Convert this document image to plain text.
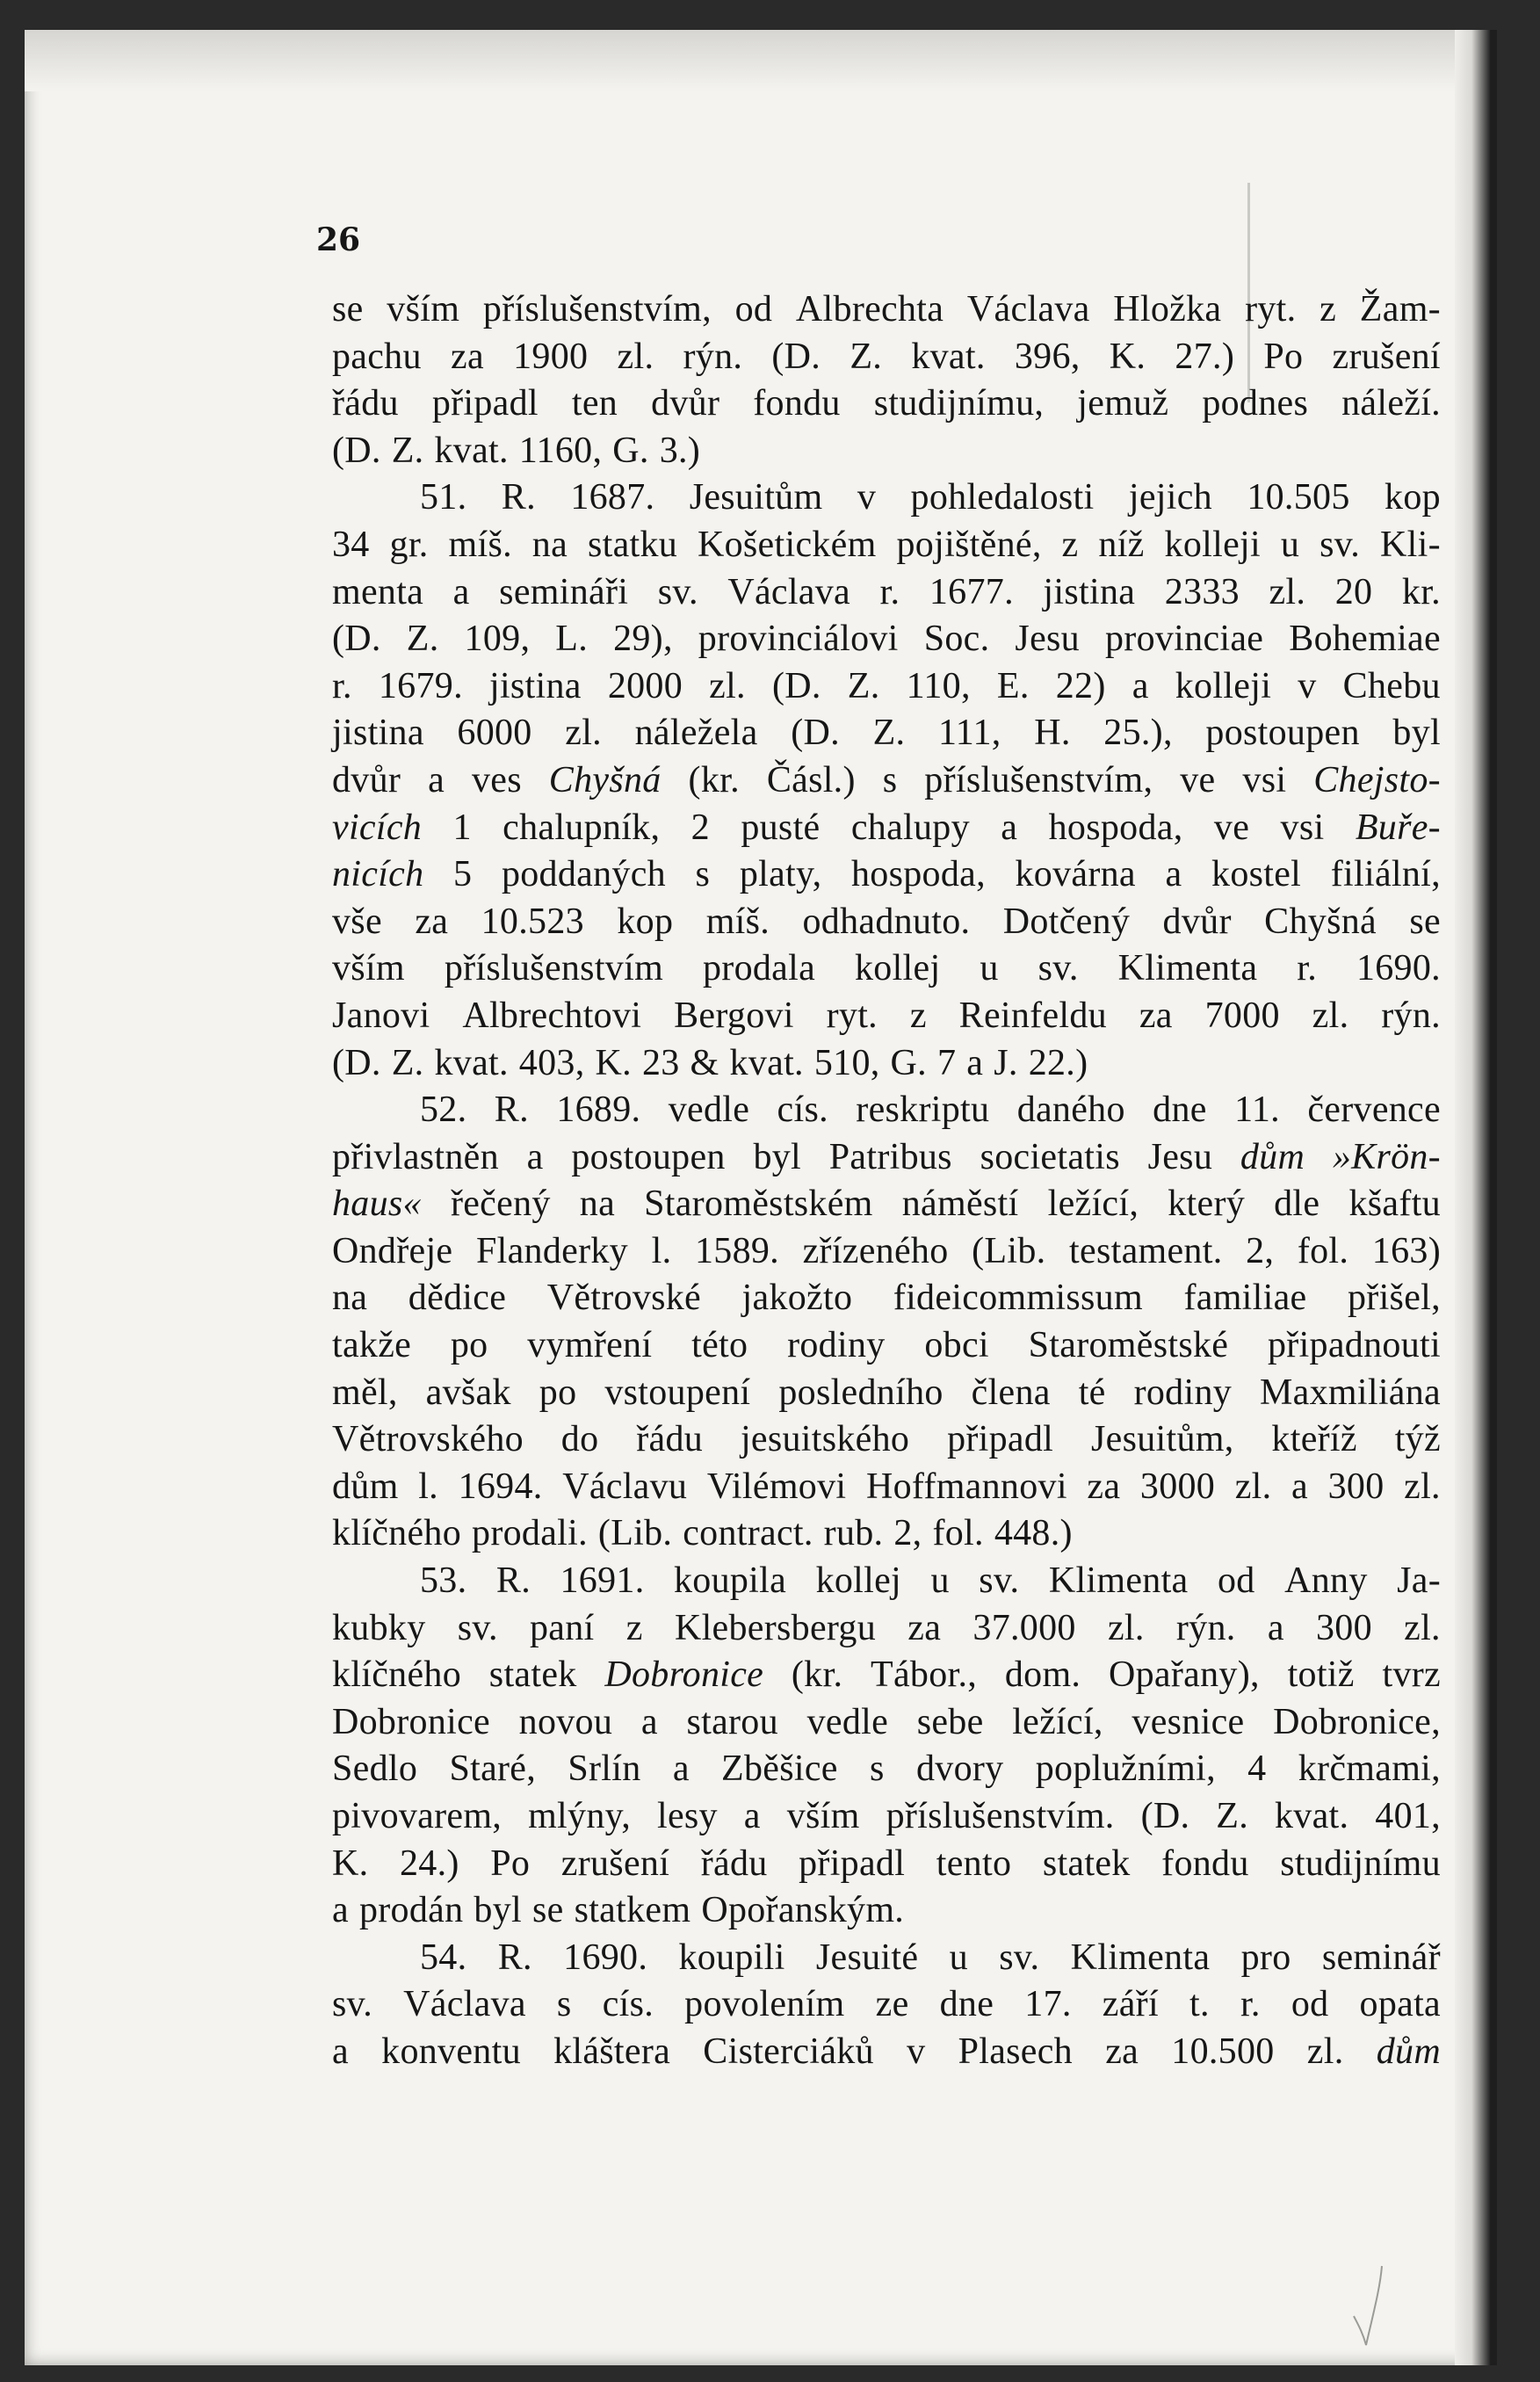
26
se vším příslušenstvím, od Albrechta Václava Hložka ryt. z Žam-
pachu za 1900 zl. rýn. (D. Z. kvat. 396, K. 27.) Po zrušení
řádu připadl ten dvůr fondu studijnímu, jemuž podnes náleží.
(D. Z. kvat. 1160, G. 3.)
51. R. 1687. Jesuitům v pohledalosti jejich 10.505 kop
34 gr. míš. na statku Košetickém pojištěné, z níž kolleji u sv. Kli-
menta a semináři sv. Václava r. 1677. jistina 2333 zl. 20 kr.
(D. Z. 109, L. 29), provinciálovi Soc. Jesu provinciae Bohemiae
r. 1679. jistina 2000 zl. (D. Z. 110, E. 22) a kolleji v Chebu
jistina 6000 zl. náležela (D. Z. 111, H. 25.), postoupen byl
dvůr a ves Chyšná (kr. Čásl.) s příslušenstvím, ve vsi Chejsto-
vicích 1 chalupník, 2 pusté chalupy a hospoda, ve vsi Buře-
nicích 5 poddaných s platy, hospoda, kovárna a kostel filiální,
vše za 10.523 kop míš. odhadnuto. Dotčený dvůr Chyšná se
vším příslušenstvím prodala kollej u sv. Klimenta r. 1690.
Janovi Albrechtovi Bergovi ryt. z Reinfeldu za 7000 zl. rýn.
(D. Z. kvat. 403, K. 23 & kvat. 510, G. 7 a J. 22.)
52. R. 1689. vedle cís. reskriptu daného dne 11. července
přivlastněn a postoupen byl Patribus societatis Jesu dům »Krön-
haus« řečený na Staroměstském náměstí ležící, který dle kšaftu
Ondřeje Flanderky l. 1589. zřízeného (Lib. testament. 2, fol. 163)
na dědice Větrovské jakožto fideicommissum familiae přišel,
takže po vymření této rodiny obci Staroměstské připadnouti
měl, avšak po vstoupení posledního člena té rodiny Maxmiliána
Větrovského do řádu jesuitského připadl Jesuitům, kteříž týž
dům l. 1694. Václavu Vilémovi Hoffmannovi za 3000 zl. a 300 zl.
klíčného prodali. (Lib. contract. rub. 2, fol. 448.)
53. R. 1691. koupila kollej u sv. Klimenta od Anny Ja-
kubky sv. paní z Klebersbergu za 37.000 zl. rýn. a 300 zl.
klíčného statek Dobronice (kr. Tábor., dom. Opařany), totiž tvrz
Dobronice novou a starou vedle sebe ležící, vesnice Dobronice,
Sedlo Staré, Srlín a Zběšice s dvory poplužními, 4 krčmami,
pivovarem, mlýny, lesy a vším příslušenstvím. (D. Z. kvat. 401,
K. 24.) Po zrušení řádu připadl tento statek fondu studijnímu
a prodán byl se statkem Opořanským.
54. R. 1690. koupili Jesuité u sv. Klimenta pro seminář
sv. Václava s cís. povolením ze dne 17. září t. r. od opata
a konventu kláštera Cisterciáků v Plasech za 10.500 zl. dům
